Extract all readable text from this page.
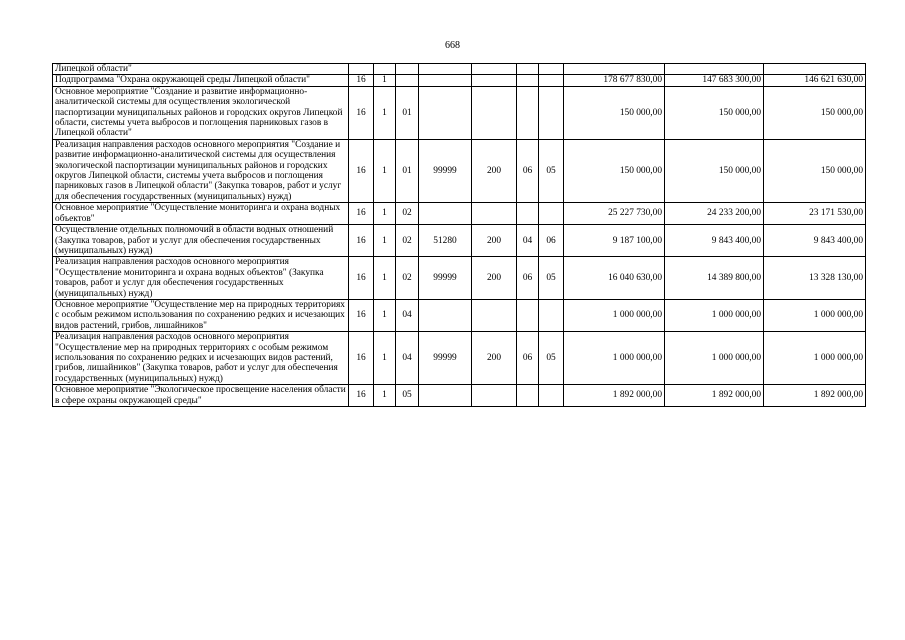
668
Липецкой области"										
Подпрограмма "Охрана окружающей среды Липецкой области"	16	1						178 677 830,00	147 683 300,00	146 621 630,00
Основное мероприятие "Создание и развитие информационно-аналитической системы для осуществления экологической паспортизации муниципальных районов и городских округов Липецкой области, системы учета выбросов и поглощения парниковых газов в Липецкой области"	16	1	01					150 000,00	150 000,00	150 000,00
Реализация направления расходов основного мероприятия "Создание и развитие информационно-аналитической системы для осуществления экологической паспортизации муниципальных районов и городских округов Липецкой области, системы учета выбросов и поглощения парниковых газов в Липецкой области" (Закупка товаров, работ и услуг для обеспечения государственных (муниципальных) нужд)	16	1	01	99999	200	06	05	150 000,00	150 000,00	150 000,00
Основное мероприятие "Осуществление мониторинга и охрана водных объектов"	16	1	02					25 227 730,00	24 233 200,00	23 171 530,00
Осуществление отдельных полномочий в области водных отношений (Закупка товаров, работ и услуг для обеспечения государственных (муниципальных) нужд)	16	1	02	51280	200	04	06	9 187 100,00	9 843 400,00	9 843 400,00
Реализация направления расходов основного мероприятия "Осуществление мониторинга и охрана водных объектов" (Закупка товаров, работ и услуг для обеспечения государственных (муниципальных) нужд)	16	1	02	99999	200	06	05	16 040 630,00	14 389 800,00	13 328 130,00
Основное мероприятие "Осуществление мер на природных территориях с особым режимом использования по сохранению редких и исчезающих видов растений, грибов, лишайников"	16	1	04					1 000 000,00	1 000 000,00	1 000 000,00
Реализация направления расходов основного мероприятия "Осуществление мер на природных территориях с особым режимом использования по сохранению редких и исчезающих видов растений, грибов, лишайников" (Закупка товаров, работ и услуг для обеспечения государственных (муниципальных) нужд)	16	1	04	99999	200	06	05	1 000 000,00	1 000 000,00	1 000 000,00
Основное мероприятие "Экологическое просвещение населения области в сфере охраны окружающей среды"	16	1	05					1 892 000,00	1 892 000,00	1 892 000,00
